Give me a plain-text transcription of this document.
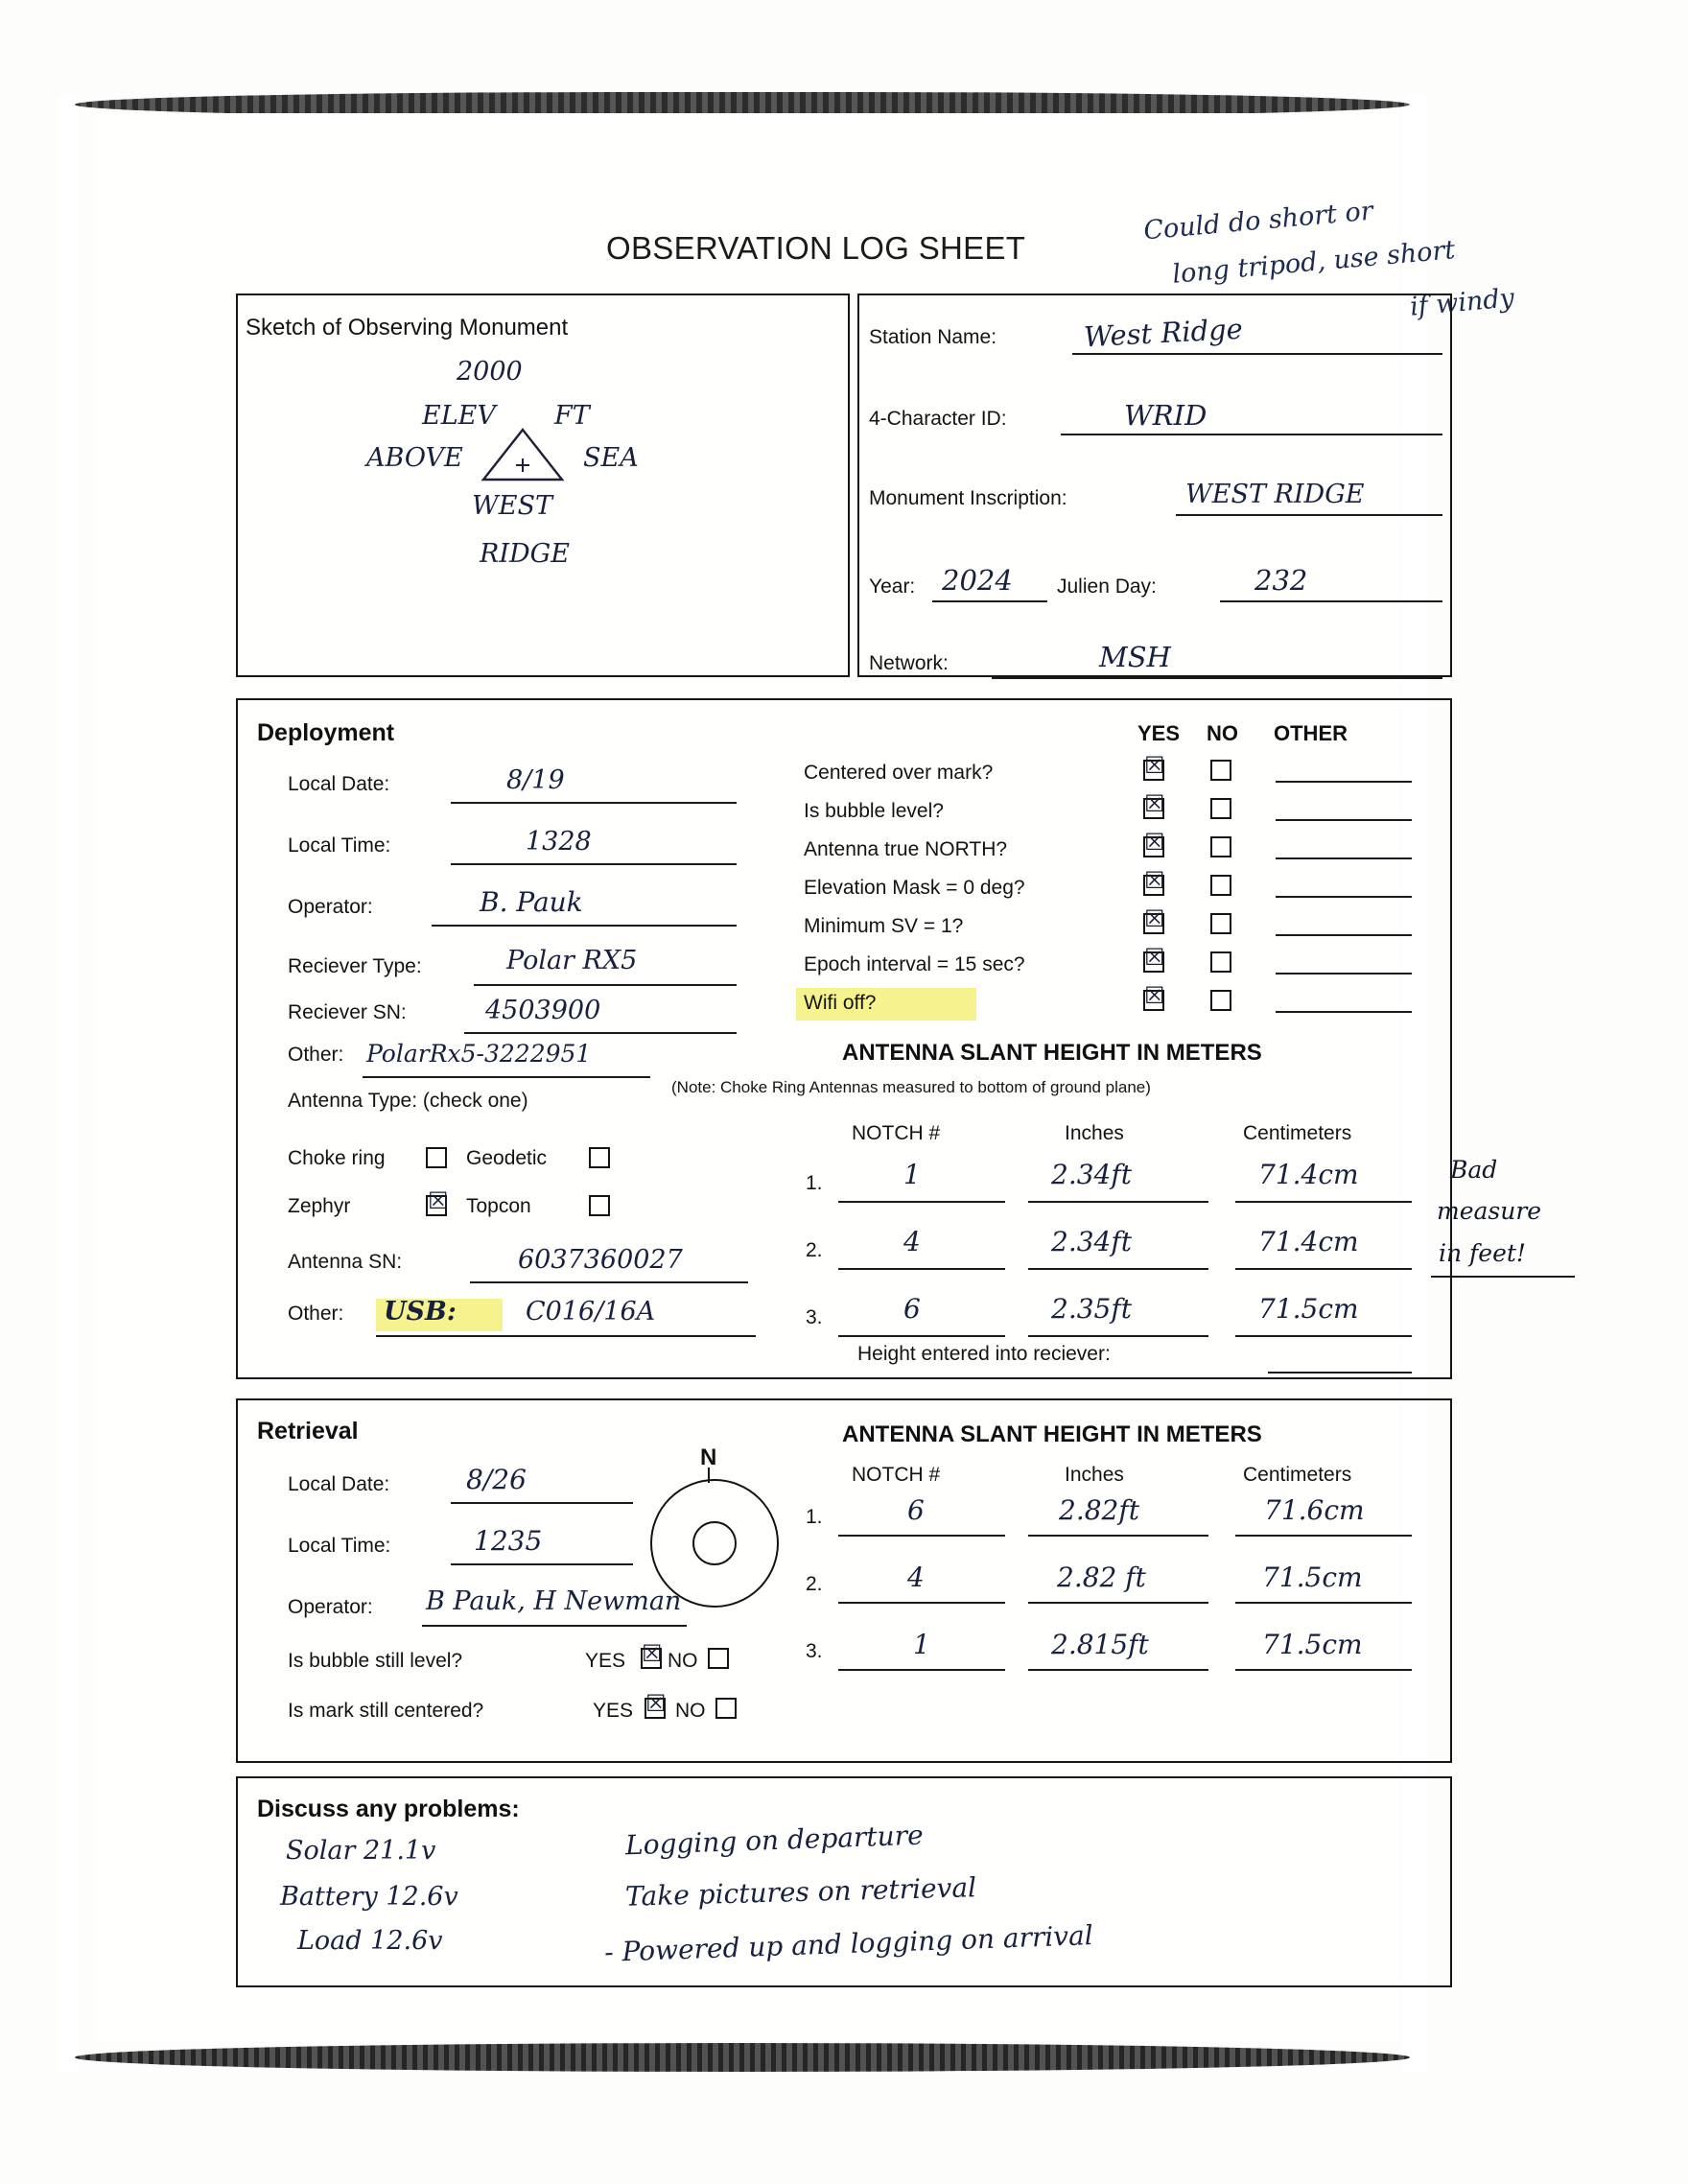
OBSERVATION LOG SHEET
Could do short or
long tripod, use short
if windy
Bad
measure
in feet!
Sketch of Observing Monument
2000
ELEV FT
ABOVE	SEA
WEST
RIDGE
Station Name:	West Ridge
4-Character ID:	WRID
Monument Inscription:	WEST RIDGE
Year: 2024 Julien Day:	232
Network:	MSH
Deployment
Local Date:	8/19
Local Time:	1328
Operator:	B. Pauk
Reciever Type:	Polar RX5
Reciever SN:	4503900
Other: PolarRx5-3222951
Antenna Type: (check one)
Choke ring	Geodetic
Zephyr	☒ Topcon
Antenna SN:	6037360027
Other: USB:	C016/16A
YES NO OTHER
Centered over mark?	☒
Is bubble level?	☒
Antenna true NORTH?	☒
Elevation Mask = 0 deg?	☒
Minimum SV = 1?	☒
Epoch interval = 15 sec?	☒
Wifi off?	☒
ANTENNA SLANT HEIGHT IN METERS
(Note: Choke Ring Antennas measured to bottom of ground plane)
NOTCH #	Inches	Centimeters
1.	1	2.34ft	71.4cm
2.	4	2.34ft	71.4cm
3.	6	2.35ft	71.5cm
Height entered into reciever:
Retrieval
Local Date:	8/26
Local Time:	1235
Operator: B Pauk, H Newman
Is bubble still level?	YES ☒ NO
Is mark still centered?	YES ☒ NO
N
ANTENNA SLANT HEIGHT IN METERS
NOTCH #	Inches	Centimeters
1.	6	2.82ft	71.6cm
2.	4	2.82 ft	71.5cm
3.	1	2.815ft	71.5cm
Discuss any problems:
Solar 21.1v
Battery 12.6v
Load 12.6v
Logging on departure
Take pictures on retrieval
- Powered up and logging on arrival
